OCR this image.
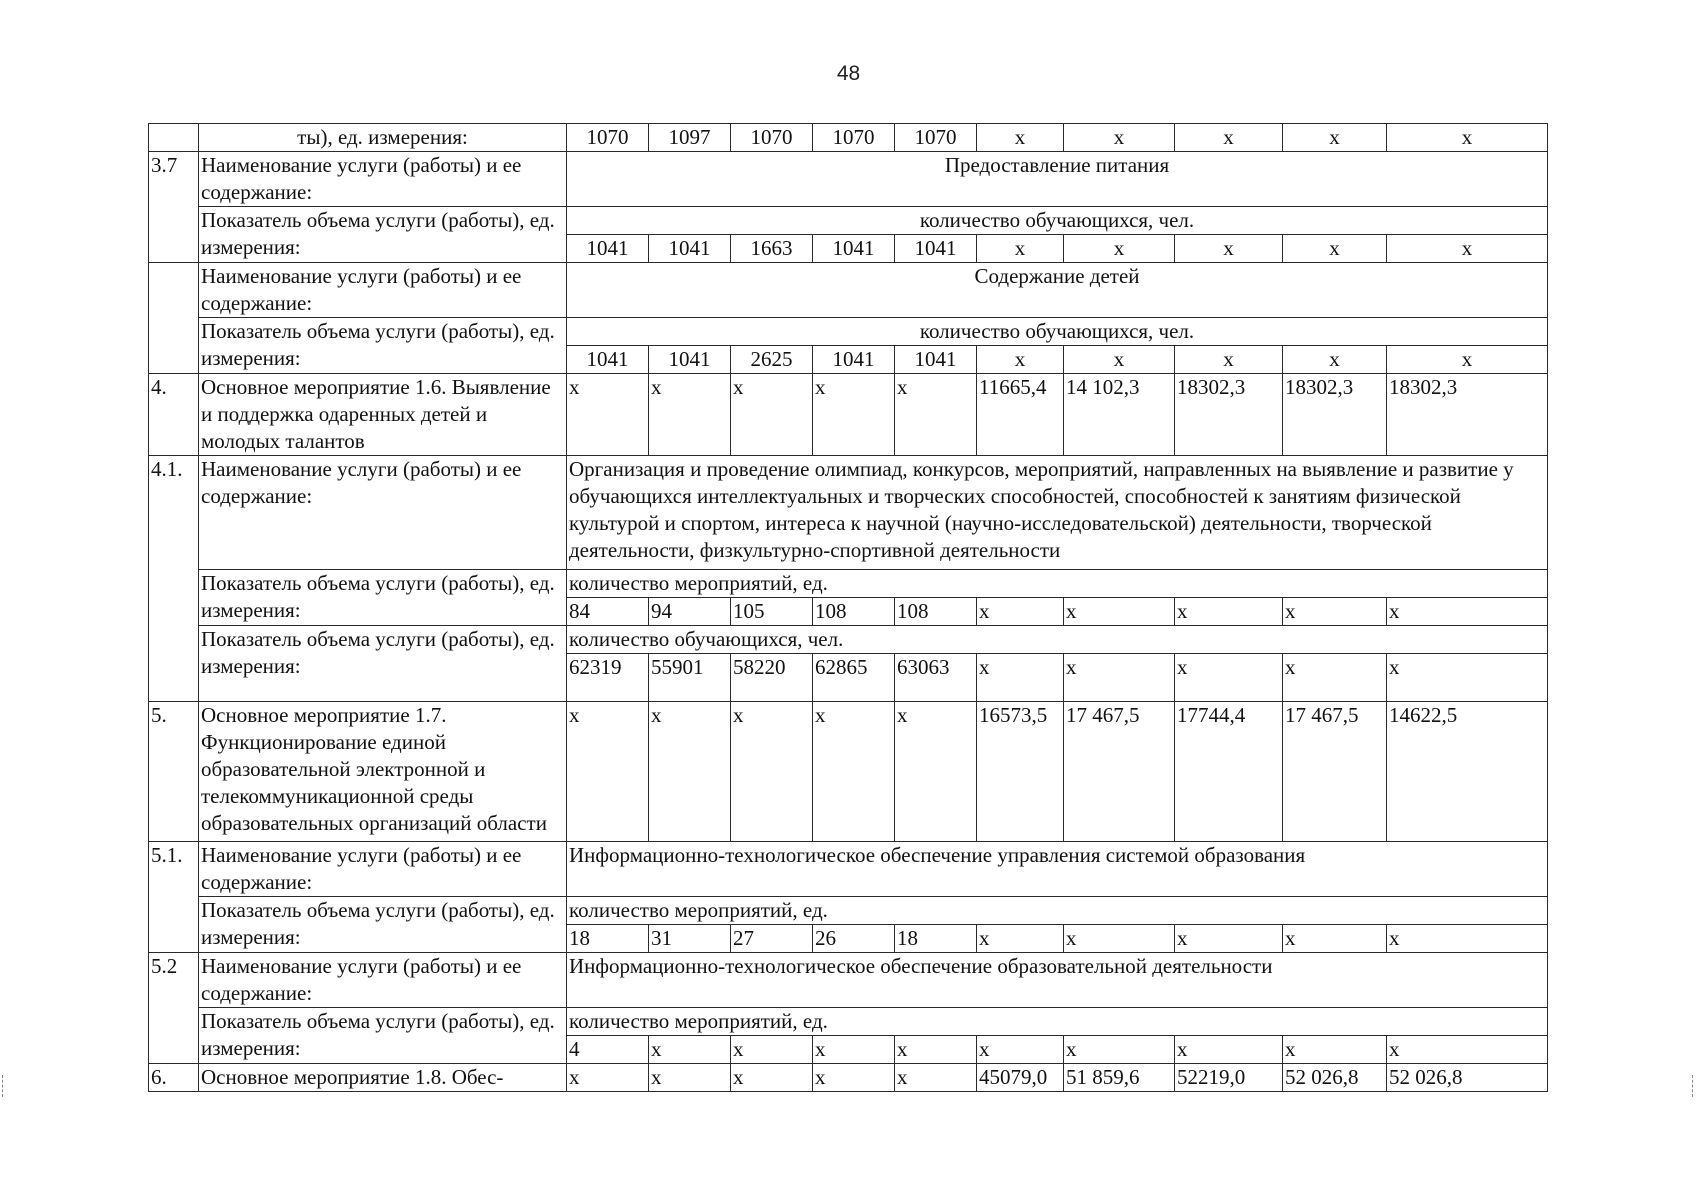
48
	ты), ед. измерения:	1070	1097	1070	1070	1070	x	x	x	x	x
3.7	Наименование услуги (работы) и ее содержание:	Предоставление питания									
	Показатель объема услуги (работы), ед. измерения:	количество обучающихся, чел.									
		1041	1041	1663	1041	1041	x	x	x	x	x
	Наименование услуги (работы) и ее содержание:	Содержание детей									
	Показатель объема услуги (работы), ед. измерения:	количество обучающихся, чел.									
		1041	1041	2625	1041	1041	x	x	x	x	x
4.	Основное мероприятие 1.6. Выявление и поддержка одаренных детей и молодых талантов	x	x	x	x	x	11665,4	14 102,3	18302,3	18302,3	18302,3
4.1.	Наименование услуги (работы) и ее содержание:	Организация и проведение олимпиад, конкурсов, мероприятий, направленных на выявление и развитие у обучающихся интеллектуальных и творческих способностей, способностей к занятиям физической культурой и спортом, интереса к научной (научно-исследовательской) деятельности, творческой деятельности, физкультурно-спортивной деятельности									
	Показатель объема услуги (работы), ед. измерения:	количество мероприятий, ед.									
		84	94	105	108	108	x	x	x	x	x
	Показатель объема услуги (работы), ед. измерения:	количество обучающихся, чел.									
		62319	55901	58220	62865	63063	x	x	x	x	x
5.	Основное мероприятие 1.7. Функционирование единой образовательной электронной и телекоммуникационной среды образовательных организаций области	x	x	x	x	x	16573,5	17 467,5	17744,4	17 467,5	14622,5
5.1.	Наименование услуги (работы) и ее содержание:	Информационно-технологическое обеспечение управления системой образования									
	Показатель объема услуги (работы), ед. измерения:	количество мероприятий, ед.									
		18	31	27	26	18	x	x	x	x	x
5.2	Наименование услуги (работы) и ее содержание:	Информационно-технологическое обеспечение образовательной деятельности									
	Показатель объема услуги (работы), ед. измерения:	количество мероприятий, ед.									
		4	x	x	x	x	x	x	x	x	x
6.	Основное мероприятие 1.8. Обес-	x	x	x	x	x	45079,0	51 859,6	52219,0	52 026,8	52 026,8
